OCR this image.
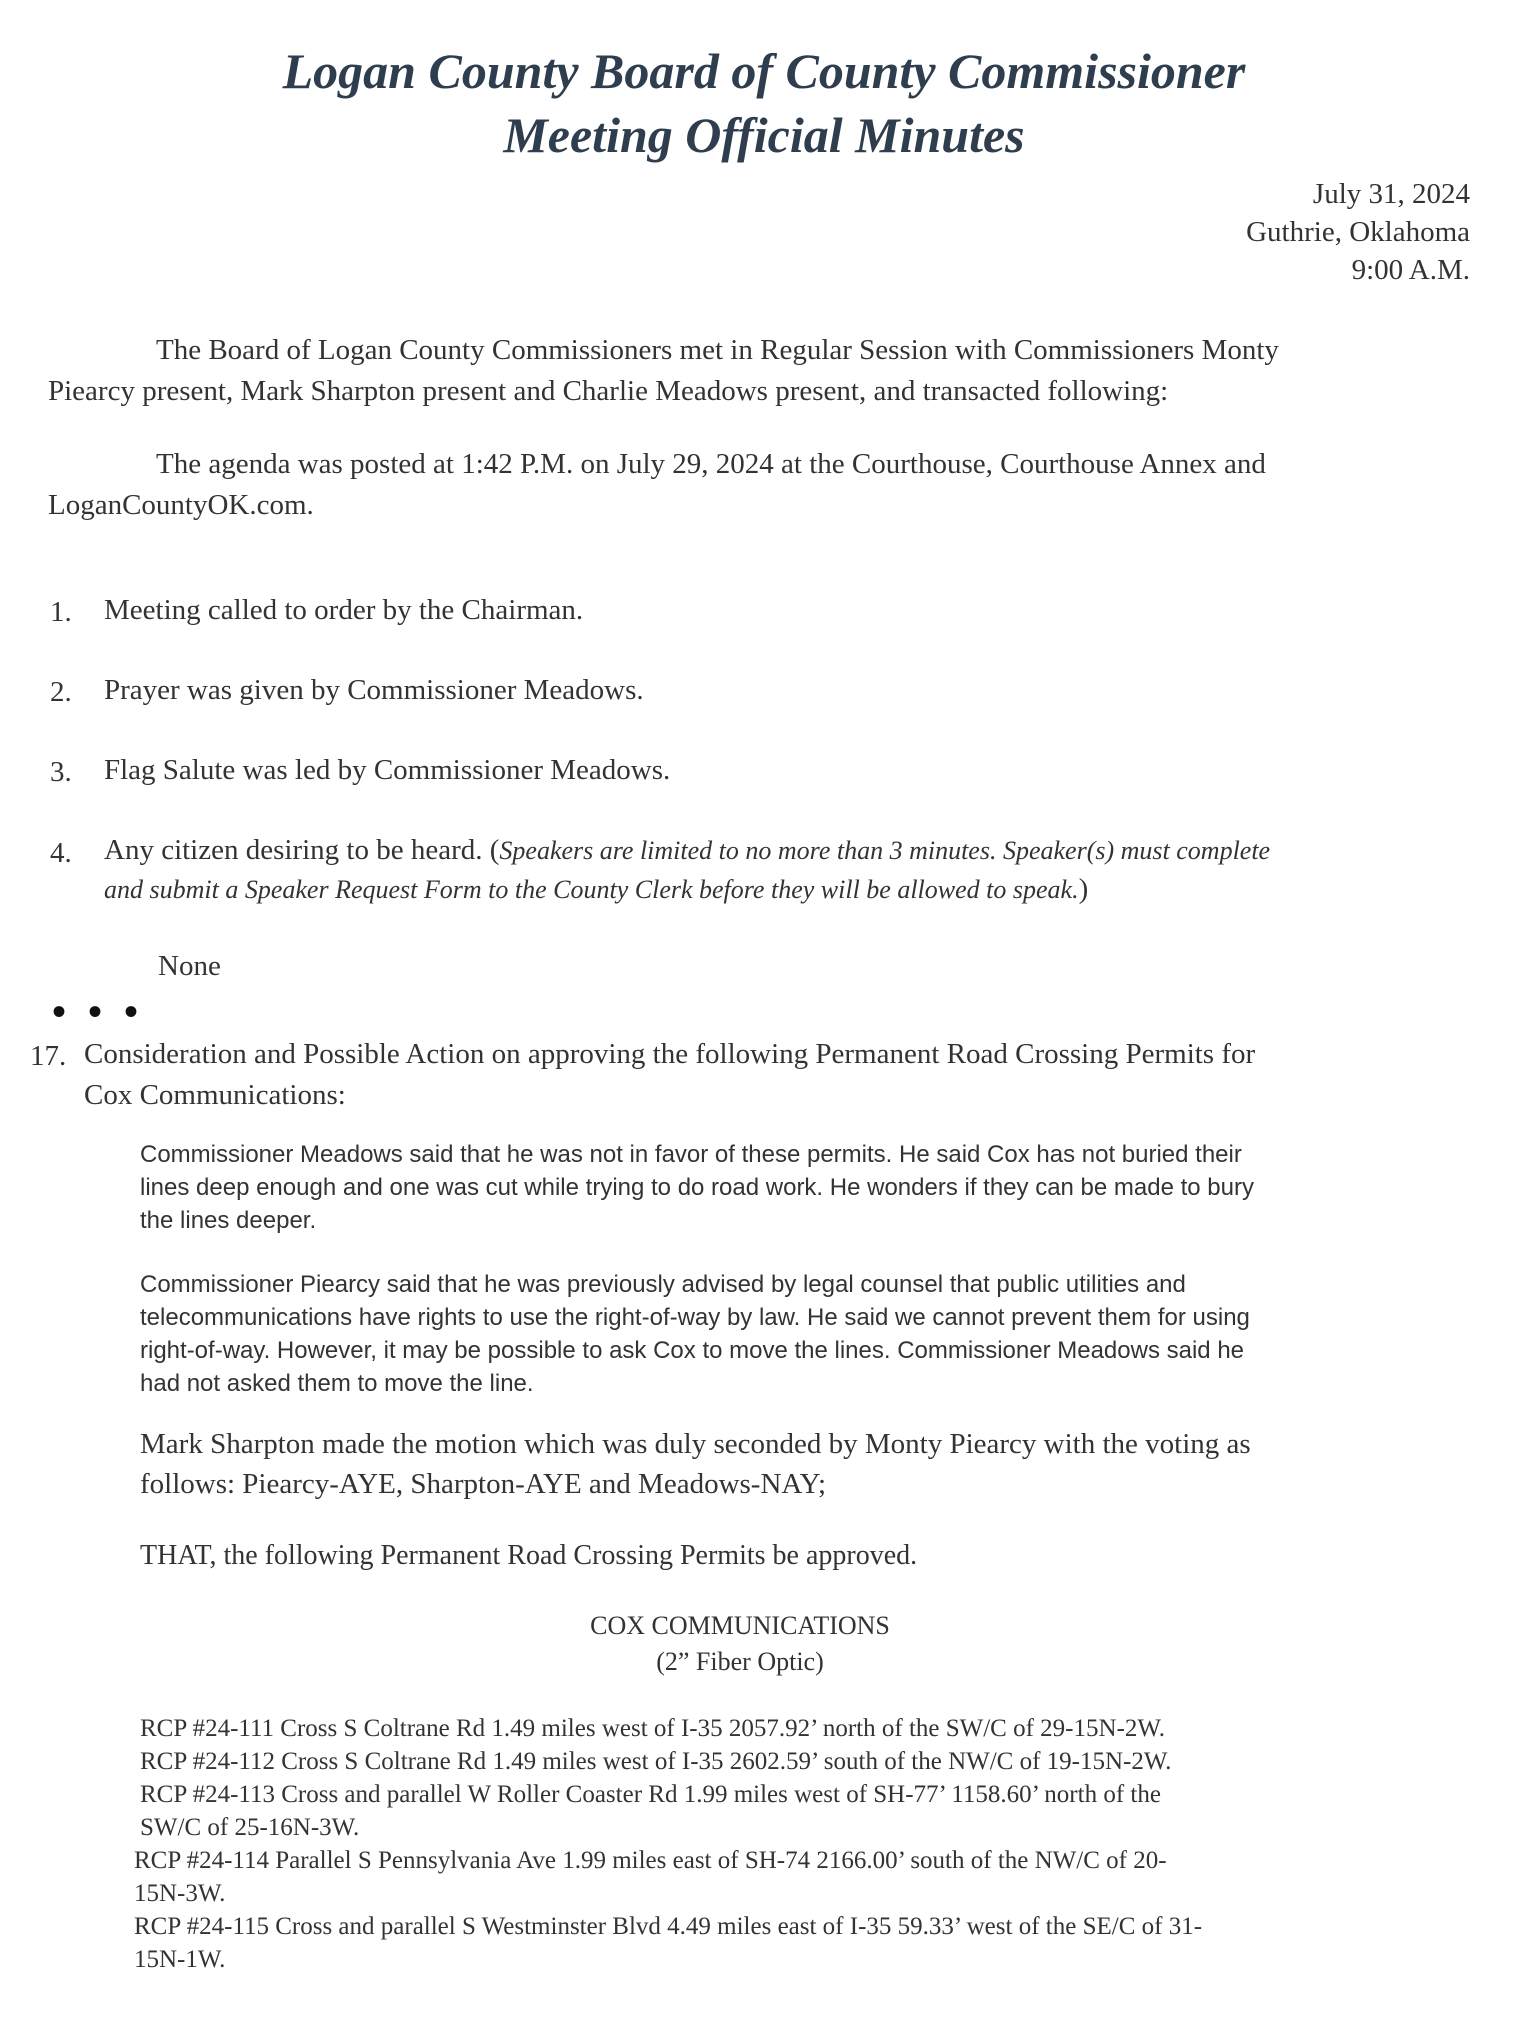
Logan County Board of County Commissioner
Meeting Official Minutes
July 31, 2024
Guthrie, Oklahoma
9:00 A.M.
The Board of Logan County Commissioners met in Regular Session with Commissioners Monty
Piearcy present, Mark Sharpton present and Charlie Meadows present, and transacted following:
The agenda was posted at 1:42 P.M. on July 29, 2024 at the Courthouse, Courthouse Annex and
LoganCountyOK.com.
1. Meeting called to order by the Chairman.
2. Prayer was given by Commissioner Meadows.
3. Flag Salute was led by Commissioner Meadows.
4. Any citizen desiring to be heard. (Speakers are limited to no more than 3 minutes. Speaker(s) must complete
and submit a Speaker Request Form to the County Clerk before they will be allowed to speak.)
None
• • •
17. Consideration and Possible Action on approving the following Permanent Road Crossing Permits for
Cox Communications:
Commissioner Meadows said that he was not in favor of these permits. He said Cox has not buried their
lines deep enough and one was cut while trying to do road work. He wonders if they can be made to bury
the lines deeper.
Commissioner Piearcy said that he was previously advised by legal counsel that public utilities and
telecommunications have rights to use the right-of-way by law. He said we cannot prevent them for using
right-of-way. However, it may be possible to ask Cox to move the lines. Commissioner Meadows said he
had not asked them to move the line.
Mark Sharpton made the motion which was duly seconded by Monty Piearcy with the voting as
follows: Piearcy-AYE, Sharpton-AYE and Meadows-NAY;
THAT, the following Permanent Road Crossing Permits be approved.
COX COMMUNICATIONS
(2” Fiber Optic)
RCP #24-111 Cross S Coltrane Rd 1.49 miles west of I-35 2057.92’ north of the SW/C of 29-15N-2W.
RCP #24-112 Cross S Coltrane Rd 1.49 miles west of I-35 2602.59’ south of the NW/C of 19-15N-2W.
RCP #24-113 Cross and parallel W Roller Coaster Rd 1.99 miles west of SH-77’ 1158.60’ north of the
SW/C of 25-16N-3W.
RCP #24-114 Parallel S Pennsylvania Ave 1.99 miles east of SH-74 2166.00’ south of the NW/C of 20-
15N-3W.
RCP #24-115 Cross and parallel S Westminster Blvd 4.49 miles east of I-35 59.33’ west of the SE/C of 31-
15N-1W.
